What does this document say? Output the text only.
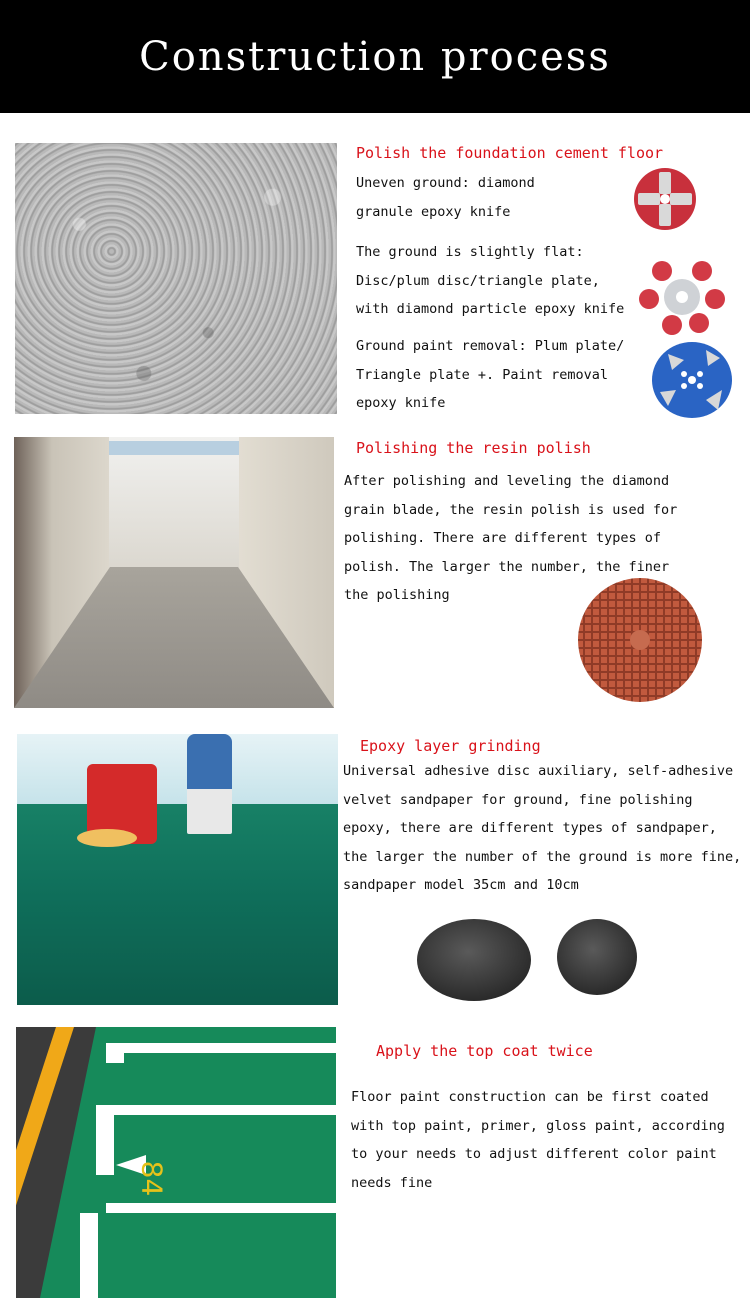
Construction process
Polish the foundation cement floor

Uneven ground: diamond

granule epoxy knife

The ground is slightly flat:

Disc/plum disc/triangle plate,

with diamond particle epoxy knife

Ground paint removal: Plum plate/

Triangle plate +. Paint removal

epoxy knife

Polishing the resin polish

After polishing and leveling the diamond

grain blade, the resin polish is used for

polishing. There are different types of

polish. The larger the number, the finer

the polishing

Epoxy layer grinding

Universal adhesive disc auxiliary, self-adhesive

velvet sandpaper for ground, fine polishing

epoxy, there are different types of sandpaper,

the larger the number of the ground is more fine,

sandpaper model 35cm and 10cm

84
Apply the top coat twice

Floor paint construction can be first coated

with top paint, primer, gloss paint, according

to your needs to adjust different color paint

needs fine
